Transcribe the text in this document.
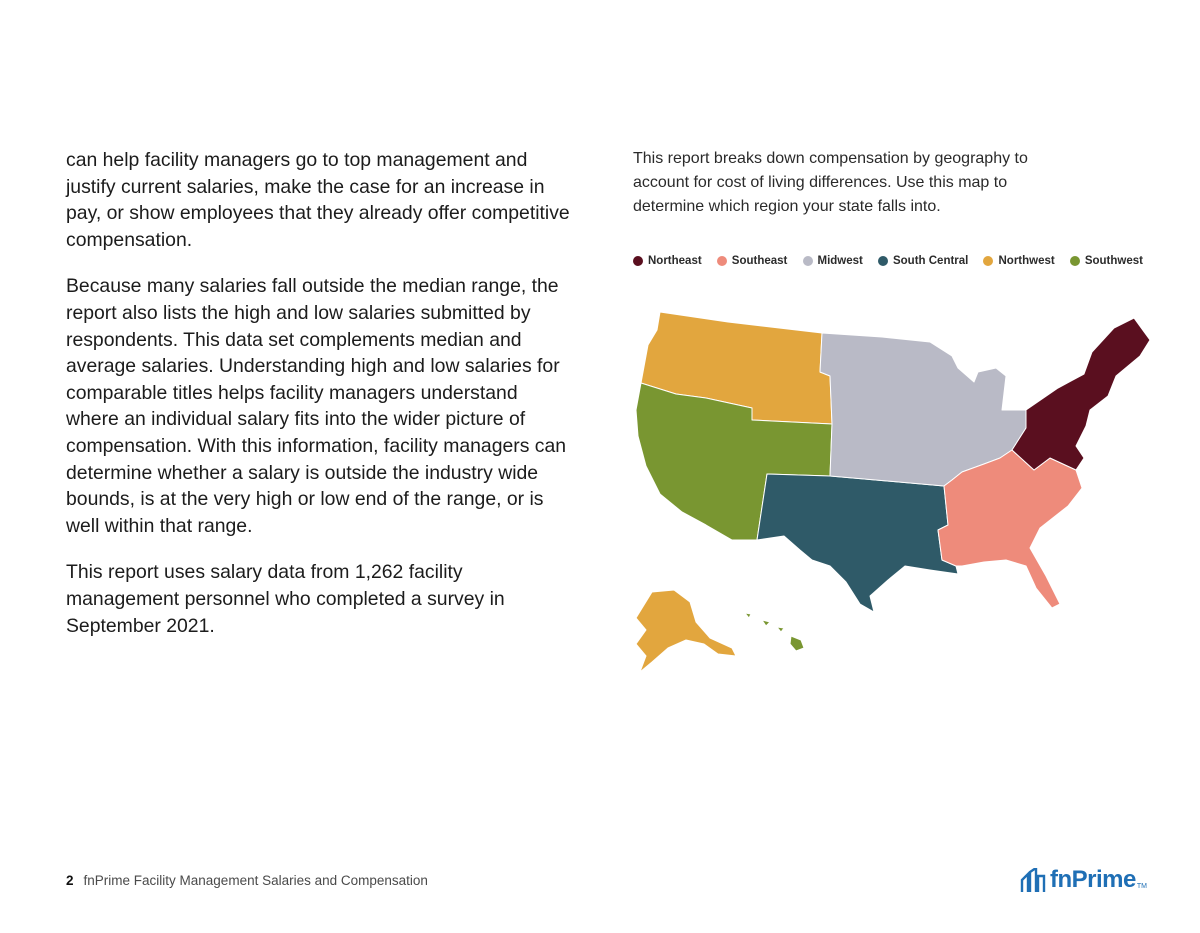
can help facility managers go to top management and justify current salaries, make the case for an increase in pay, or show employees that they already offer competitive compensation.

Because many salaries fall outside the median range, the report also lists the high and low salaries submitted by respondents. This data set complements median and average salaries. Understanding high and low salaries for comparable titles helps facility managers understand where an individual salary fits into the wider picture of compensation. With this information, facility managers can determine whether a salary is outside the industry wide bounds, is at the very high or low end of the range, or is well within that range.

This report uses salary data from 1,262 facility management personnel who completed a survey in September 2021.

This report breaks down compensation by geography to account for cost of living differences. Use this map to determine which region your state falls into.

Northeast	Southeast	Midwest	South Central	Northwest	Southwest
2 fnPrime Facility Management Salaries and Compensation	fnPrime TM
